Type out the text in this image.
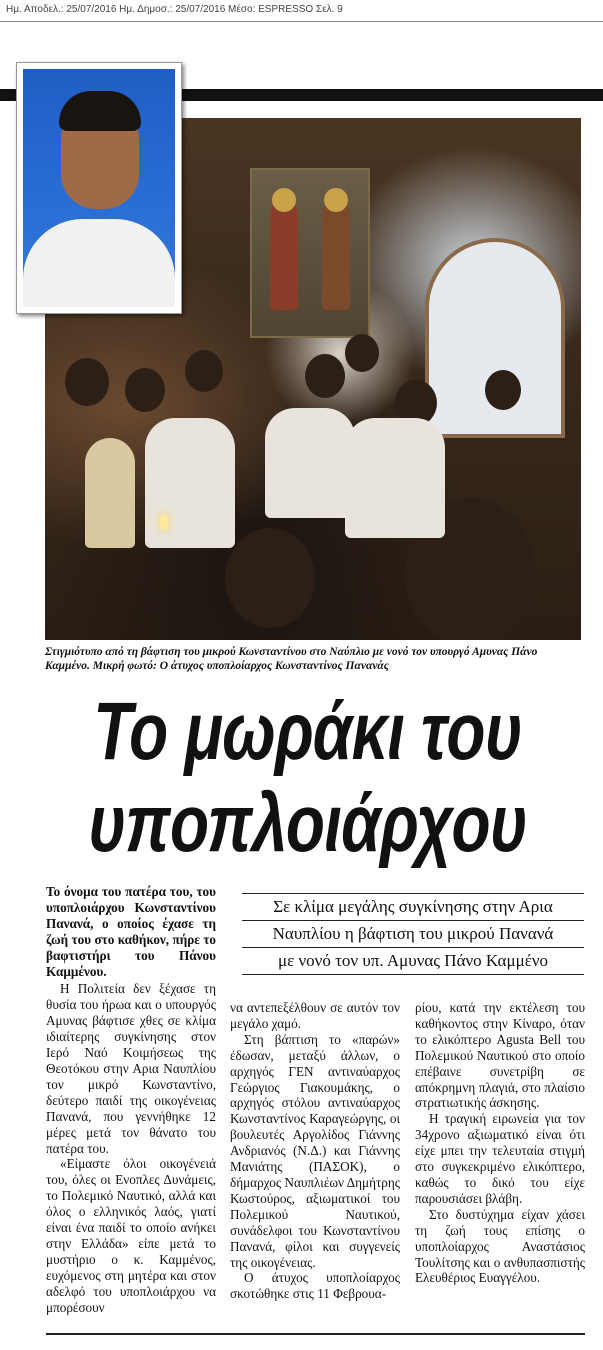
Ημ. Αποδελ.: 25/07/2016 Ημ. Δημοσ.: 25/07/2016 Μέσο: ESPRESSO Σελ. 9
Στιγμιότυπο από τη βάφτιση του μικρού Κωνσταντίνου στο Ναύπλιο με νονό τον υπουργό Αμυνας Πάνο Καμμένο. Μικρή φωτό: Ο άτυχος υποπλοίαρχος Κωνσταντίνος Πανανάς
Το μωράκι του
υποπλοιάρχου
Σε κλίμα μεγάλης συγκίνησης στην Αρια
Ναυπλίου η βάφτιση του μικρού Πανανά
με νονό τον υπ. Αμυνας Πάνο Καμμένο

Το όνομα του πατέρα του, του υποπλοιάρχου Κωνσταντίνου Πανανά, ο οποίος έχασε τη ζωή του στο καθήκον, πήρε το βαφτιστήρι του Πάνου Καμμένου.

Η Πολιτεία δεν ξέχασε τη θυσία του ήρωα και ο υπουργός Αμυνας βάφτισε χθες σε κλίμα ιδιαίτερης συγκίνησης στον Ιερό Ναό Κοιμήσεως της Θεοτόκου στην Αρια Ναυπλίου τον μικρό Κωνσταντίνο, δεύτερο παιδί της οικογένειας Πανανά, που γεννήθηκε 12 μέρες μετά τον θάνατο του πατέρα του.

«Είμαστε όλοι οικογένειά του, όλες οι Ενοπλες Δυνάμεις, το Πολεμικό Ναυτικό, αλλά και όλος ο ελληνικός λαός, γιατί είναι ένα παιδί το οποίο ανήκει στην Ελλάδα» είπε μετά το μυστήριο ο κ. Καμμένος, ευχόμενος στη μητέρα και στον αδελφό του υποπλοιάρχου να μπορέσουν

να αντεπεξέλθουν σε αυτόν τον μεγάλο χαμό.

Στη βάπτιση το «παρών» έδωσαν, μεταξύ άλλων, ο αρχηγός ΓΕΝ αντιναύαρχος Γεώργιος Γιακουμάκης, ο αρχηγός στόλου αντιναύαρχος Κωνσταντίνος Καραγεώργης, οι βουλευτές Αργολίδος Γιάννης Ανδριανός (Ν.Δ.) και Γιάννης Μανιάτης (ΠΑΣΟΚ), ο δήμαρχος Ναυπλιέων Δημήτρης Κωστούρος, αξιωματικοί του Πολεμικού Ναυτικού, συνάδελφοι του Κωνσταντίνου Πανανά, φίλοι και συγγενείς της οικογένειας.

Ο άτυχος υποπλοίαρχος σκοτώθηκε στις 11 Φεβρουα-

ρίου, κατά την εκτέλεση του καθήκοντος στην Κίναρο, όταν το ελικόπτερο Agusta Bell του Πολεμικού Ναυτικού στο οποίο επέβαινε συνετρίβη σε απόκρημνη πλαγιά, στο πλαίσιο στρατιωτικής άσκησης.

Η τραγική ειρωνεία για τον 34χρονο αξιωματικό είναι ότι είχε μπει την τελευταία στιγμή στο συγκεκριμένο ελικόπτερο, καθώς το δικό του είχε παρουσιάσει βλάβη.

Στο δυστύχημα είχαν χάσει τη ζωή τους επίσης ο υποπλοίαρχος Αναστάσιος Τουλίτσης και ο ανθυπασπιστής Ελευθέριος Ευαγγέλου.
